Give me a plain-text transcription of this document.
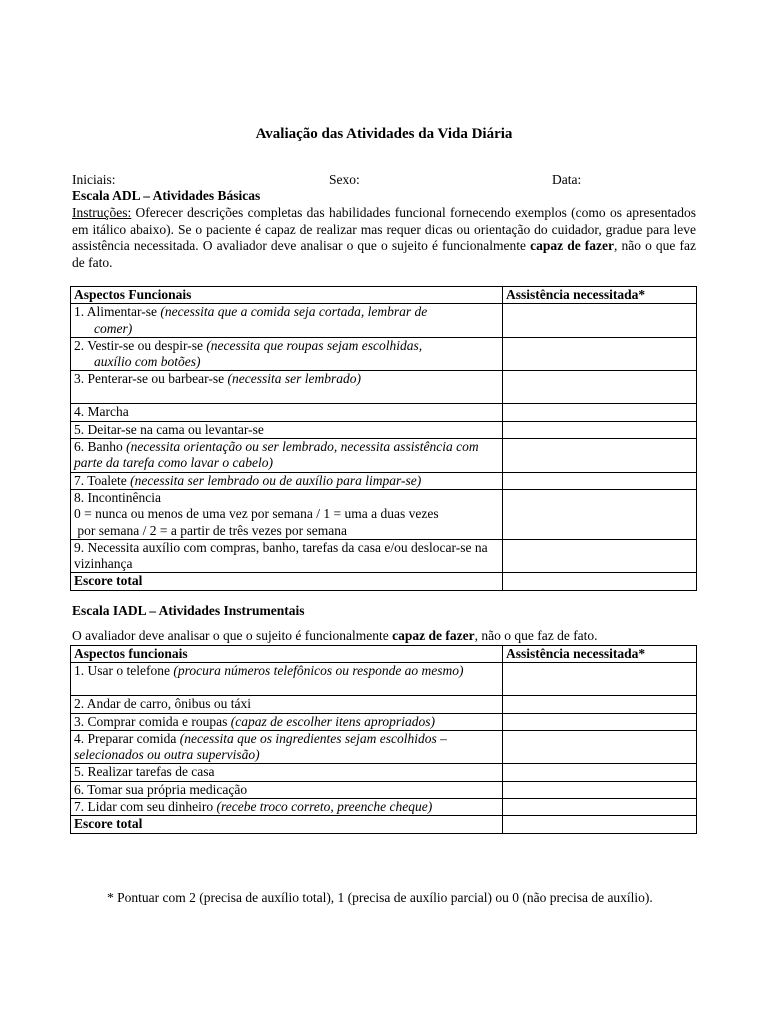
Avaliação das Atividades da Vida Diária
Iniciais:	Sexo:	Data:
Escala ADL – Atividades Básicas
Instruções: Oferecer descrições completas das habilidades funcional fornecendo exemplos (como os apresentados em itálico abaixo). Se o paciente é capaz de realizar mas requer dicas ou orientação do cuidador, gradue para leve assistência necessitada. O avaliador deve analisar o que o sujeito é funcionalmente capaz de fazer, não o que faz de fato.
Aspectos Funcionais	Assistência necessitada*
1. Alimentar-se (necessita que a comida seja cortada, lembrar de
comer)	

2. Vestir-se ou despir-se (necessita que roupas sejam escolhidas,
auxílio com botões)	

3. Penterar-se ou barbear-se (necessita ser lembrado)	
4. Marcha	
5. Deitar-se na cama ou levantar-se	
6. Banho (necessita orientação ou ser lembrado, necessita assistência com parte da tarefa como lavar o cabelo)	
7. Toalete (necessita ser lembrado ou de auxílio para limpar-se)	
8. Incontinência
0 = nunca ou menos de uma vez por semana / 1 = uma a duas vezes
por semana / 2 = a partir de três vezes por semana	
9. Necessita auxílio com compras, banho, tarefas da casa e/ou deslocar-se na vizinhança	
Escore total	
Escala IADL – Atividades Instrumentais
O avaliador deve analisar o que o sujeito é funcionalmente capaz de fazer, não o que faz de fato.
Aspectos funcionais	Assistência necessitada*
1. Usar o telefone (procura números telefônicos ou responde ao mesmo)	
2. Andar de carro, ônibus ou táxi	
3. Comprar comida e roupas (capaz de escolher itens apropriados)	
4. Preparar comida (necessita que os ingredientes sejam escolhidos – selecionados ou outra supervisão)	
5. Realizar tarefas de casa	
6. Tomar sua própria medicação	
7. Lidar com seu dinheiro (recebe troco correto, preenche cheque)	
Escore total	
* Pontuar com 2 (precisa de auxílio total), 1 (precisa de auxílio parcial) ou 0 (não precisa de auxílio).
